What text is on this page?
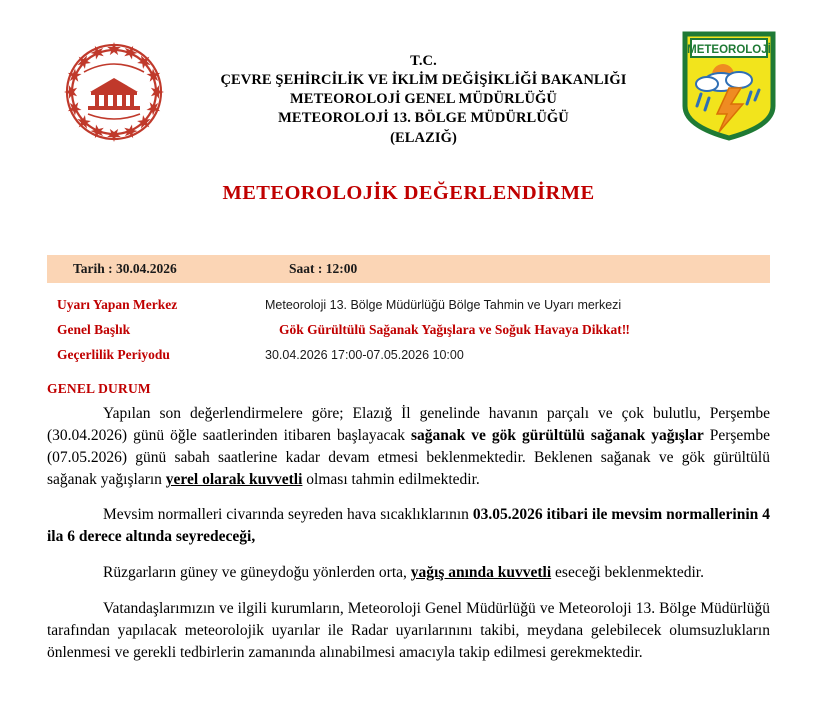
METEOROLOJİ
T.C.
ÇEVRE ŞEHİRCİLİK VE İKLİM DEĞİŞİKLİĞİ BAKANLIĞI
METEOROLOJİ GENEL MÜDÜRLÜĞÜ
METEOROLOJİ 13. BÖLGE MÜDÜRLÜĞÜ
(ELAZIĞ)
METEOROLOJİK DEĞERLENDİRME
Tarih : 30.04.2026	Saat : 12:00
Uyarı Yapan Merkez	Meteoroloji 13. Bölge Müdürlüğü Bölge Tahmin ve Uyarı merkezi
Genel Başlık	Gök Gürültülü Sağanak Yağışlara ve Soğuk Havaya Dikkat‼
Geçerlilik Periyodu	30.04.2026 17:00-07.05.2026 10:00
GENEL DURUM

Yapılan son değerlendirmelere göre; Elazığ İl genelinde havanın parçalı ve çok bulutlu, Perşembe (30.04.2026) günü öğle saatlerinden itibaren başlayacak sağanak ve gök gürültülü sağanak yağışlar Perşembe (07.05.2026) günü sabah saatlerine kadar devam etmesi beklenmektedir. Beklenen sağanak ve gök gürültülü sağanak yağışların yerel olarak kuvvetli olması tahmin edilmektedir.

Mevsim normalleri civarında seyreden hava sıcaklıklarının 03.05.2026 itibari ile mevsim normallerinin 4 ila 6 derece altında seyredeceği,

Rüzgarların güney ve güneydoğu yönlerden orta, yağış anında kuvvetli eseceği beklenmektedir.

Vatandaşlarımızın ve ilgili kurumların, Meteoroloji Genel Müdürlüğü ve Meteoroloji 13. Bölge Müdürlüğü tarafından yapılacak meteorolojik uyarılar ile Radar uyarılarınını takibi, meydana gelebilecek olumsuzlukların önlenmesi ve gerekli tedbirlerin zamanında alınabilmesi amacıyla takip edilmesi gerekmektedir.
